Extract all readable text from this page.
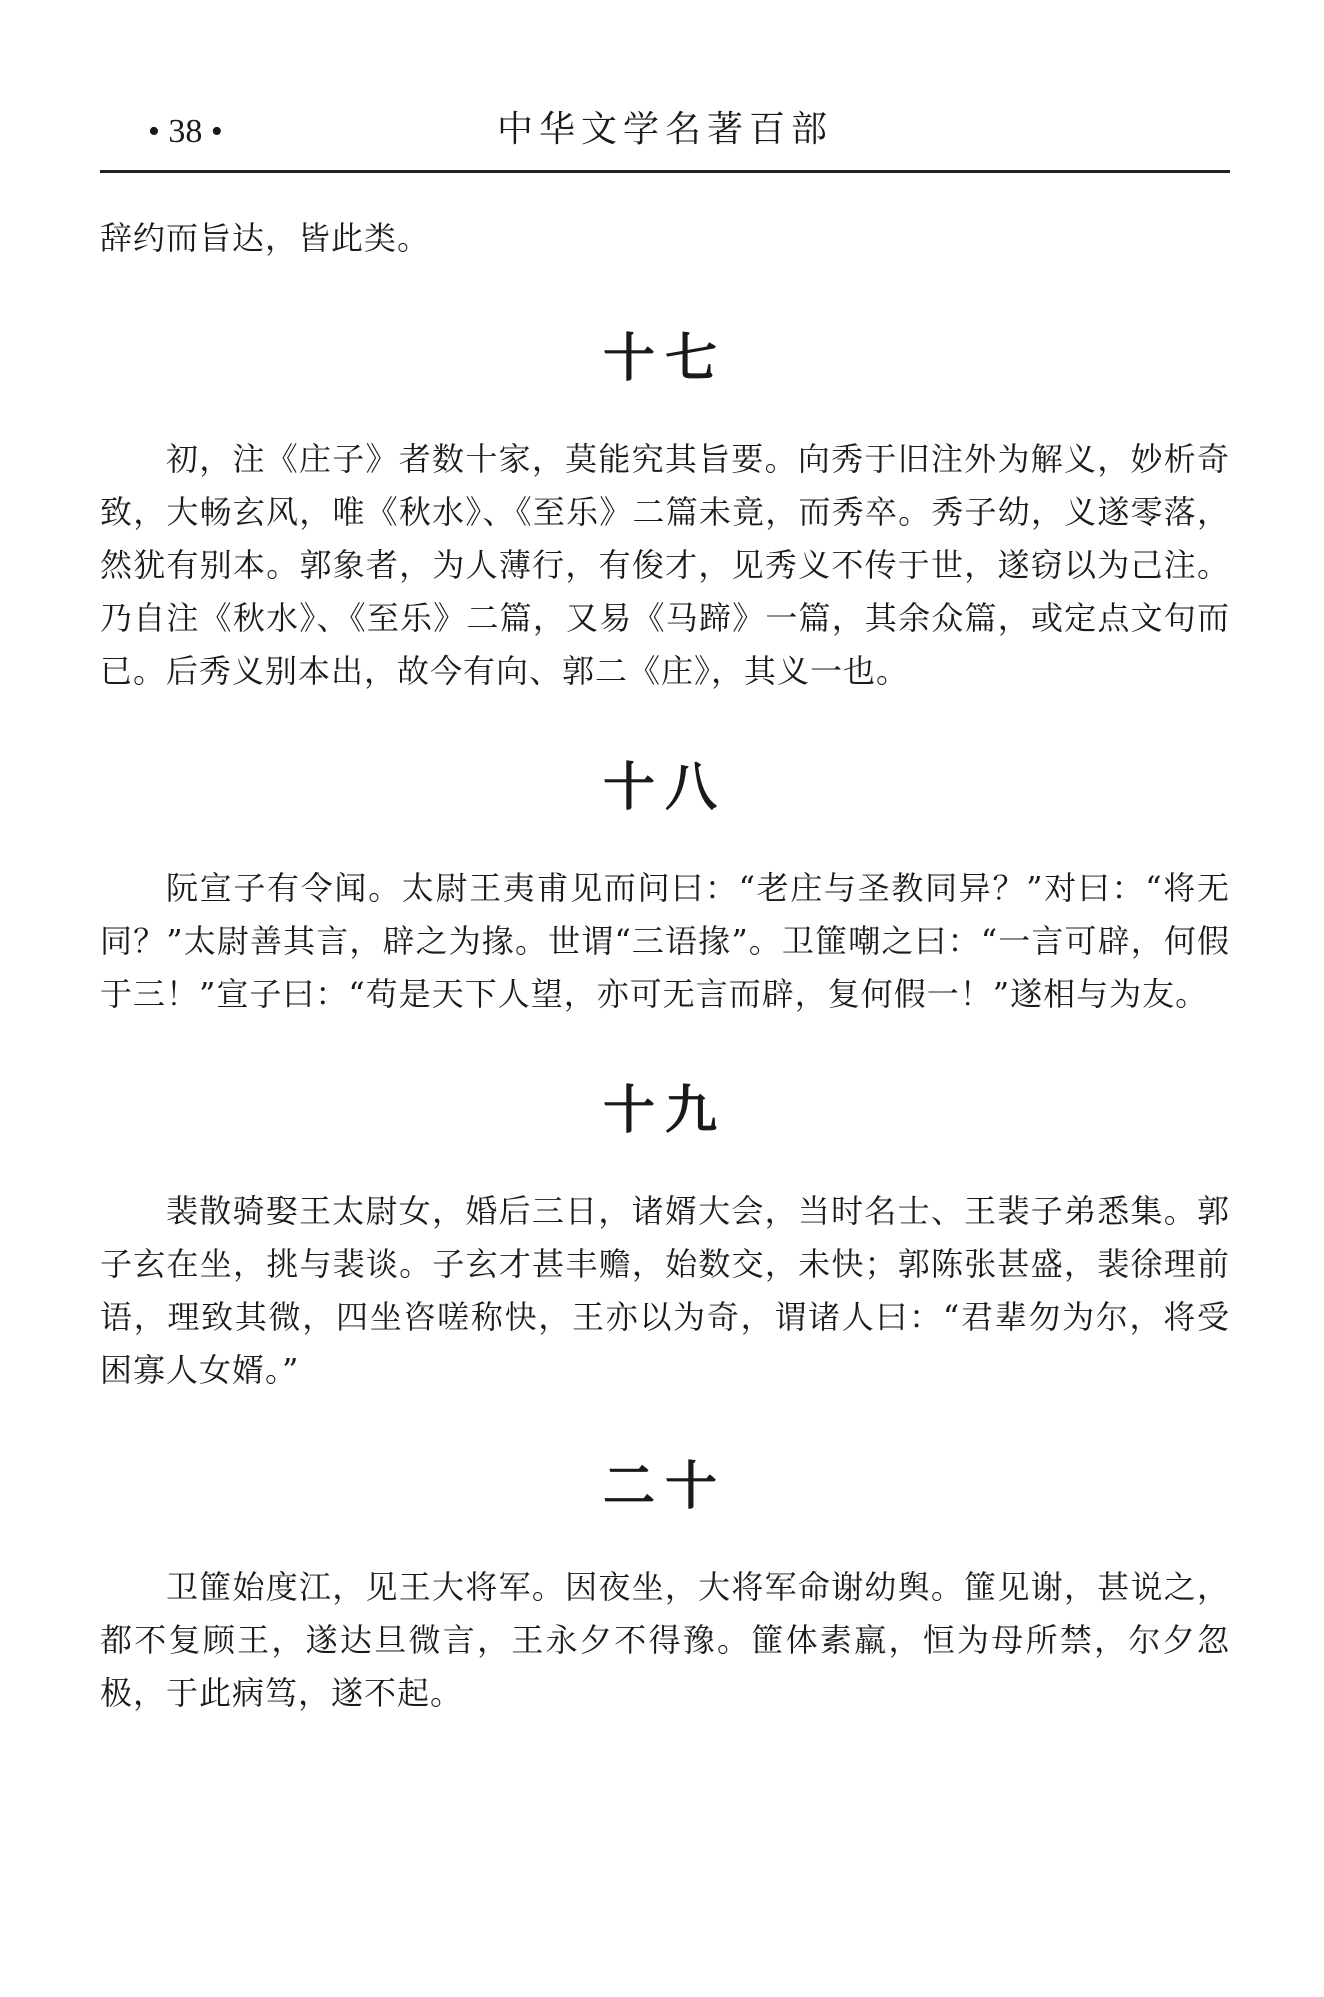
• 38 •	中华文学名著百部

辞约而旨达，皆此类。

十七

初，注《庄子》者数十家，莫能究其旨要。向秀于旧注外为解义，妙析奇致，大畅玄风，唯《秋水》、《至乐》二篇未竟，而秀卒。秀子幼，义遂零落，然犹有别本。郭象者，为人薄行，有俊才，见秀义不传于世，遂窃以为己注。乃自注《秋水》、《至乐》二篇，又易《马蹄》一篇，其余众篇，或定点文句而已。后秀义别本出，故今有向、郭二《庄》，其义一也。

十八

阮宣子有令闻。太尉王夷甫见而问曰：“老庄与圣教同异？”对曰：“将无同？”太尉善其言，辟之为掾。世谓“三语掾”。卫篚嘲之曰：“一言可辟，何假于三！”宣子曰：“苟是天下人望，亦可无言而辟，复何假一！”遂相与为友。

十九

裴散骑娶王太尉女，婚后三日，诸婿大会，当时名士、王裴子弟悉集。郭子玄在坐，挑与裴谈。子玄才甚丰赡，始数交，未快；郭陈张甚盛，裴徐理前语，理致其微，四坐咨嗟称快，王亦以为奇，谓诸人曰：“君辈勿为尔，将受困寡人女婿。”

二十

卫篚始度江，见王大将军。因夜坐，大将军命谢幼舆。篚见谢，甚说之，都不复顾王，遂达旦微言，王永夕不得豫。篚体素羸，恒为母所禁，尔夕忽极，于此病笃，遂不起。
